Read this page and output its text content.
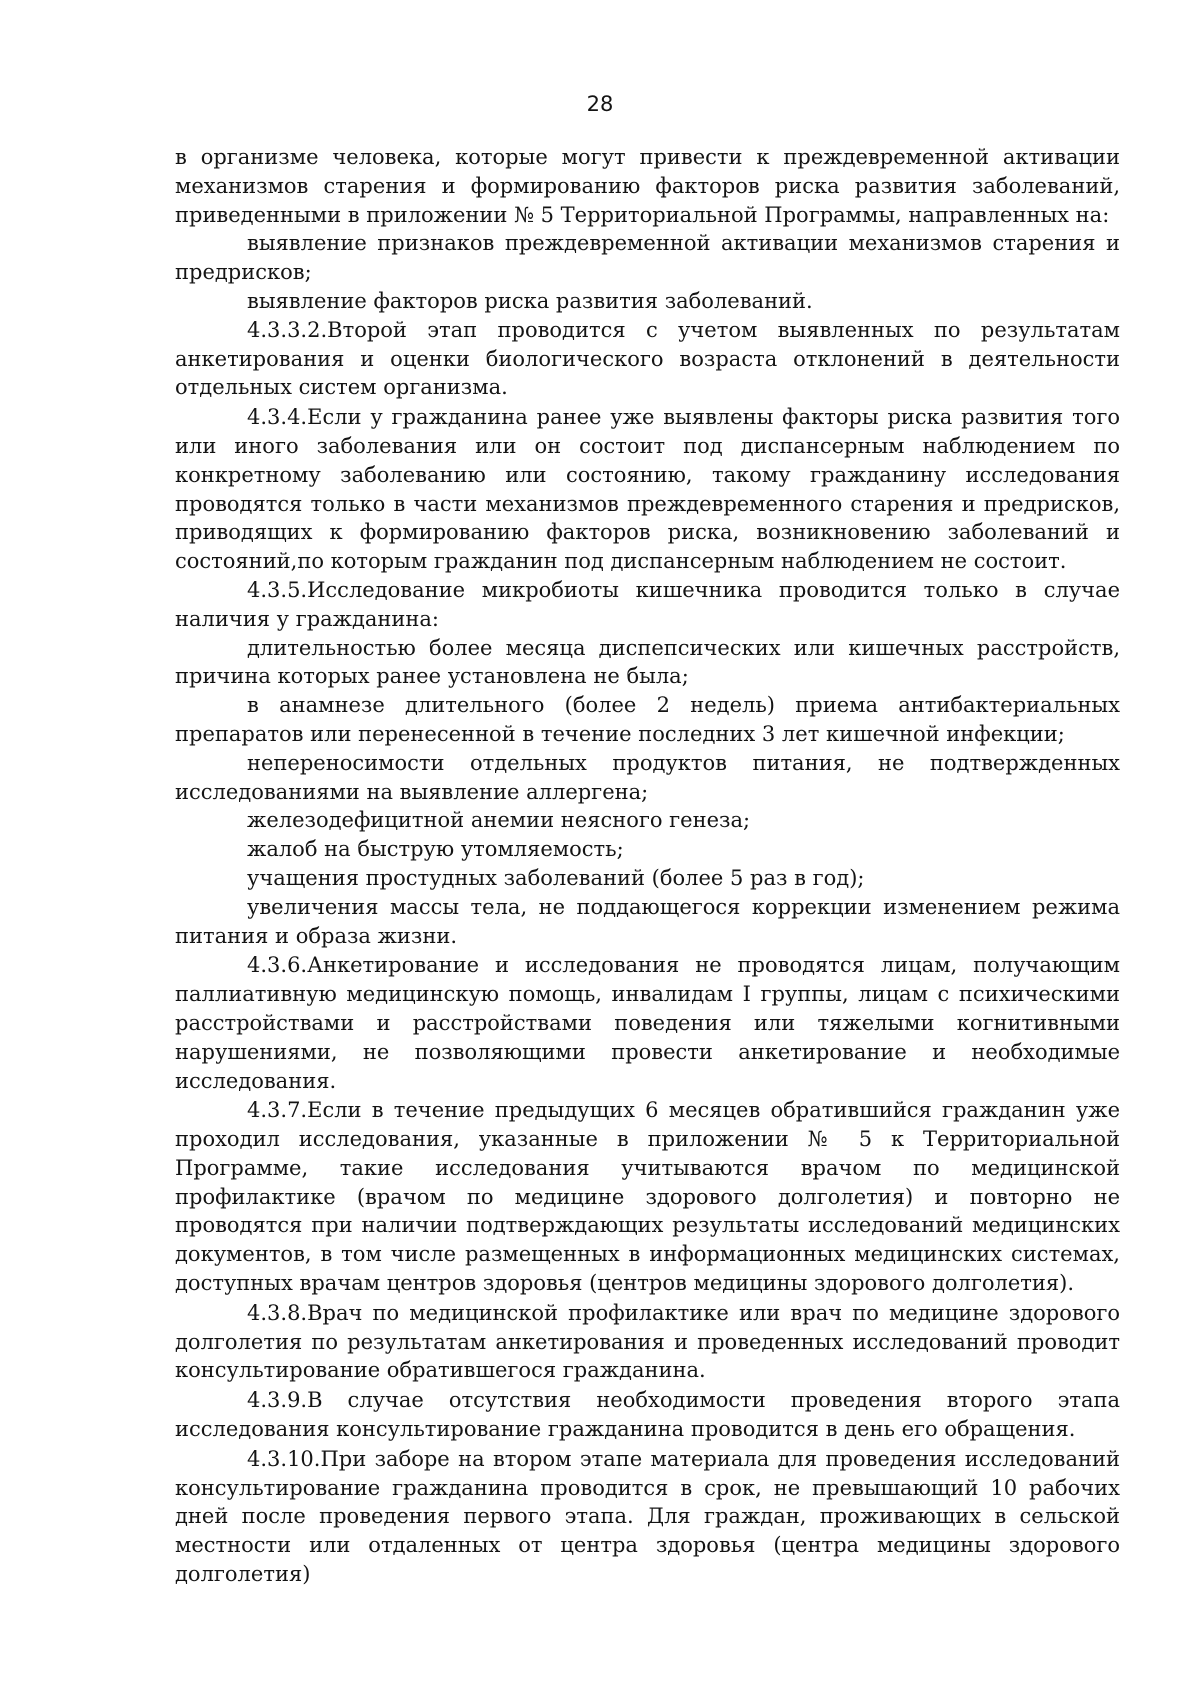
28

в организме человека, которые могут привести к преждевременной активации механизмов старения и формированию факторов риска развития заболеваний, приведенными в приложении № 5 Территориальной Программы, направленных на:

выявление признаков преждевременной активации механизмов старения и предрисков;

выявление факторов риска развития заболеваний.

4.3.3.2.Второй этап проводится с учетом выявленных по результатам анкетирования и оценки биологического возраста отклонений в деятельности отдельных систем организма.

4.3.4.Если у гражданина ранее уже выявлены факторы риска развития того или иного заболевания или он состоит под диспансерным наблюдением по конкретному заболеванию или состоянию, такому гражданину исследования проводятся только в части механизмов преждевременного старения и предрисков, приводящих к формированию факторов риска, возникновению заболеваний и состояний,по которым гражданин под диспансерным наблюдением не состоит.

4.3.5.Исследование микробиоты кишечника проводится только в случае наличия у гражданина:

длительностью более месяца диспепсических или кишечных расстройств, причина которых ранее установлена не была;

в анамнезе длительного (более 2 недель) приема антибактериальных препаратов или перенесенной в течение последних 3 лет кишечной инфекции;

непереносимости отдельных продуктов питания, не подтвержденных исследованиями на выявление аллергена;

железодефицитной анемии неясного генеза;

жалоб на быструю утомляемость;

учащения простудных заболеваний (более 5 раз в год);

увеличения массы тела, не поддающегося коррекции изменением режима питания и образа жизни.

4.3.6.Анкетирование и исследования не проводятся лицам, получающим паллиативную медицинскую помощь, инвалидам I группы, лицам с психическими расстройствами и расстройствами поведения или тяжелыми когнитивными нарушениями, не позволяющими провести анкетирование и необходимые исследования.

4.3.7.Если в течение предыдущих 6 месяцев обратившийся гражданин уже проходил исследования, указанные в приложении № 5 к Территориальной Программе, такие исследования учитываются врачом по медицинской профилактике (врачом по медицине здорового долголетия) и повторно не проводятся при наличии подтверждающих результаты исследований медицинских документов, в том числе размещенных в информационных медицинских системах, доступных врачам центров здоровья (центров медицины здорового долголетия).

4.3.8.Врач по медицинской профилактике или врач по медицине здорового долголетия по результатам анкетирования и проведенных исследований проводит консультирование обратившегося гражданина.

4.3.9.В случае отсутствия необходимости проведения второго этапа исследования консультирование гражданина проводится в день его обращения.

4.3.10.При заборе на втором этапе материала для проведения исследований консультирование гражданина проводится в срок, не превышающий 10 рабочих дней после проведения первого этапа. Для граждан, проживающих в сельской местности или отдаленных от центра здоровья (центра медицины здорового долголетия)
